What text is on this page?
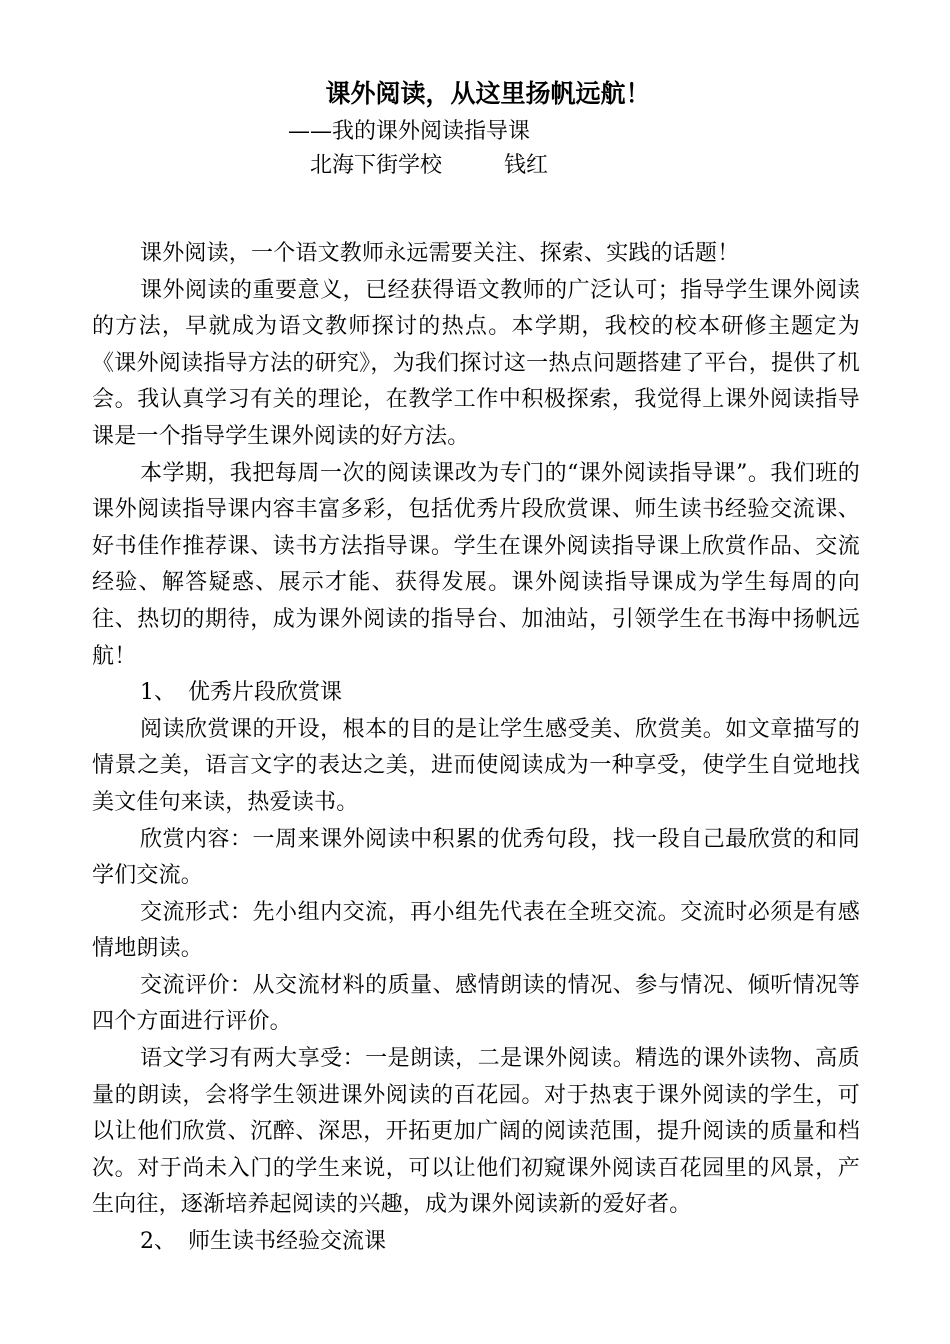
课外阅读，从这里扬帆远航！

——我的课外阅读指导课

北海下街学校	钱红

课外阅读，一个语文教师永远需要关注、探索、实践的话题！

课外阅读的重要意义，已经获得语文教师的广泛认可；指导学生课外阅读的方法，早就成为语文教师探讨的热点。本学期，我校的校本研修主题定为《课外阅读指导方法的研究》，为我们探讨这一热点问题搭建了平台，提供了机会。我认真学习有关的理论，在教学工作中积极探索，我觉得上课外阅读指导课是一个指导学生课外阅读的好方法。

本学期，我把每周一次的阅读课改为专门的“课外阅读指导课”。我们班的课外阅读指导课内容丰富多彩，包括优秀片段欣赏课、师生读书经验交流课、好书佳作推荐课、读书方法指导课。学生在课外阅读指导课上欣赏作品、交流经验、解答疑惑、展示才能、获得发展。课外阅读指导课成为学生每周的向往、热切的期待，成为课外阅读的指导台、加油站，引领学生在书海中扬帆远航！

1、 优秀片段欣赏课

阅读欣赏课的开设，根本的目的是让学生感受美、欣赏美。如文章描写的情景之美，语言文字的表达之美，进而使阅读成为一种享受，使学生自觉地找美文佳句来读，热爱读书。

欣赏内容：一周来课外阅读中积累的优秀句段，找一段自己最欣赏的和同学们交流。

交流形式：先小组内交流，再小组先代表在全班交流。交流时必须是有感情地朗读。

交流评价：从交流材料的质量、感情朗读的情况、参与情况、倾听情况等四个方面进行评价。

语文学习有两大享受：一是朗读，二是课外阅读。精选的课外读物、高质量的朗读，会将学生领进课外阅读的百花园。对于热衷于课外阅读的学生，可以让他们欣赏、沉醉、深思，开拓更加广阔的阅读范围，提升阅读的质量和档次。对于尚未入门的学生来说，可以让他们初窥课外阅读百花园里的风景，产生向往，逐渐培养起阅读的兴趣，成为课外阅读新的爱好者。

2、 师生读书经验交流课
